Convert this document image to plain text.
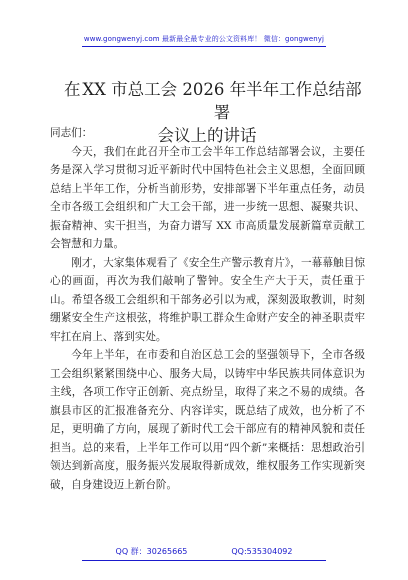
www.gongwenyj.com 最新最全最专业的公文资料库！ 微信：gongwenyj
在 XX 市总工会 2026 年半年工作总结部署
会议上的讲话

同志们：

今天，我们在此召开全市工会半年工作总结部署会议，主要任务是深入学习贯彻习近平新时代中国特色社会主义思想，全面回顾总结上半年工作，分析当前形势，安排部署下半年重点任务，动员全市各级工会组织和广大工会干部，进一步统一思想、凝聚共识、振奋精神、实干担当，为奋力谱写 XX 市高质量发展新篇章贡献工会智慧和力量。

刚才，大家集体观看了《安全生产警示教育片》，一幕幕触目惊心的画面，再次为我们敲响了警钟。安全生产大于天，责任重于山。希望各级工会组织和干部务必引以为戒，深刻汲取教训，时刻绷紧安全生产这根弦，将维护职工群众生命财产安全的神圣职责牢牢扛在肩上、落到实处。

今年上半年，在市委和自治区总工会的坚强领导下，全市各级工会组织紧紧围绕中心、服务大局，以铸牢中华民族共同体意识为主线，各项工作守正创新、亮点纷呈，取得了来之不易的成绩。各旗县市区的汇报准备充分、内容详实，既总结了成效，也分析了不足，更明确了方向，展现了新时代工会干部应有的精神风貌和责任担当。总的来看，上半年工作可以用“四个新”来概括：思想政治引领达到新高度，服务振兴发展取得新成效，维权服务工作实现新突破，自身建设迈上新台阶。

QQ 群：30265665	QQ:535304092
